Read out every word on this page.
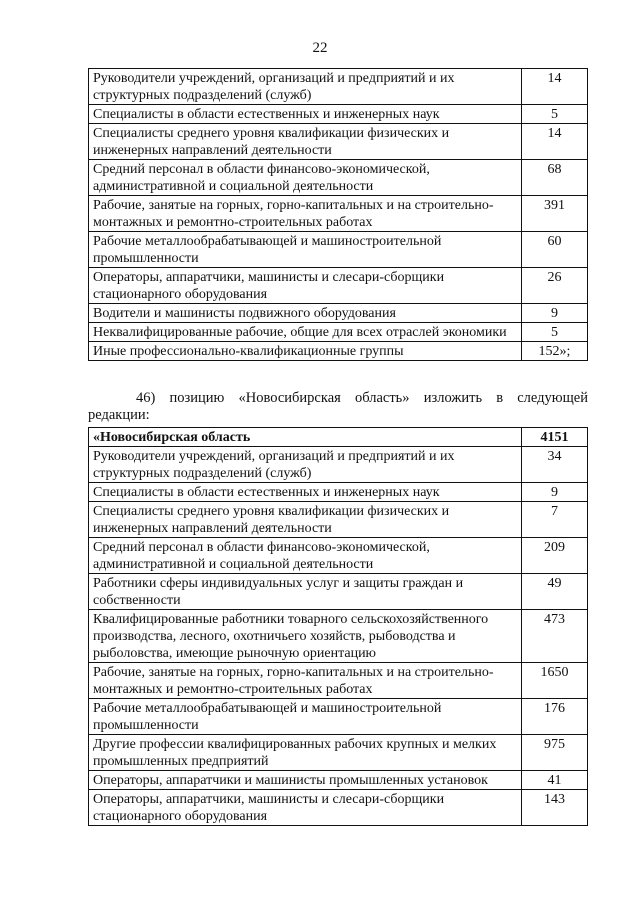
22
Руководители учреждений, организаций и предприятий и их структурных подразделений (служб)	14
Специалисты в области естественных и инженерных наук	5
Специалисты среднего уровня квалификации физических и инженерных направлений деятельности	14
Средний персонал в области финансово-экономической, административной и социальной деятельности	68
Рабочие, занятые на горных, горно-капитальных и на строительно-монтажных и ремонтно-строительных работах	391
Рабочие металлообрабатывающей и машиностроительной промышленности	60
Операторы, аппаратчики, машинисты и слесари-сборщики стационарного оборудования	26
Водители и машинисты подвижного оборудования	9
Неквалифицированные рабочие, общие для всех отраслей экономики	5
Иные профессионально-квалификационные группы	152»;
46) позицию «Новосибирская область» изложить в следующей
редакции:
«Новосибирская область	4151
Руководители учреждений, организаций и предприятий и их структурных подразделений (служб)	34
Специалисты в области естественных и инженерных наук	9
Специалисты среднего уровня квалификации физических и инженерных направлений деятельности	7
Средний персонал в области финансово-экономической, административной и социальной деятельности	209
Работники сферы индивидуальных услуг и защиты граждан и собственности	49
Квалифицированные работники товарного сельскохозяйственного производства, лесного, охотничьего хозяйств, рыбоводства и рыболовства, имеющие рыночную ориентацию	473
Рабочие, занятые на горных, горно-капитальных и на строительно-монтажных и ремонтно-строительных работах	1650
Рабочие металлообрабатывающей и машиностроительной промышленности	176
Другие профессии квалифицированных рабочих крупных и мелких промышленных предприятий	975
Операторы, аппаратчики и машинисты промышленных установок	41
Операторы, аппаратчики, машинисты и слесари-сборщики стационарного оборудования	143
